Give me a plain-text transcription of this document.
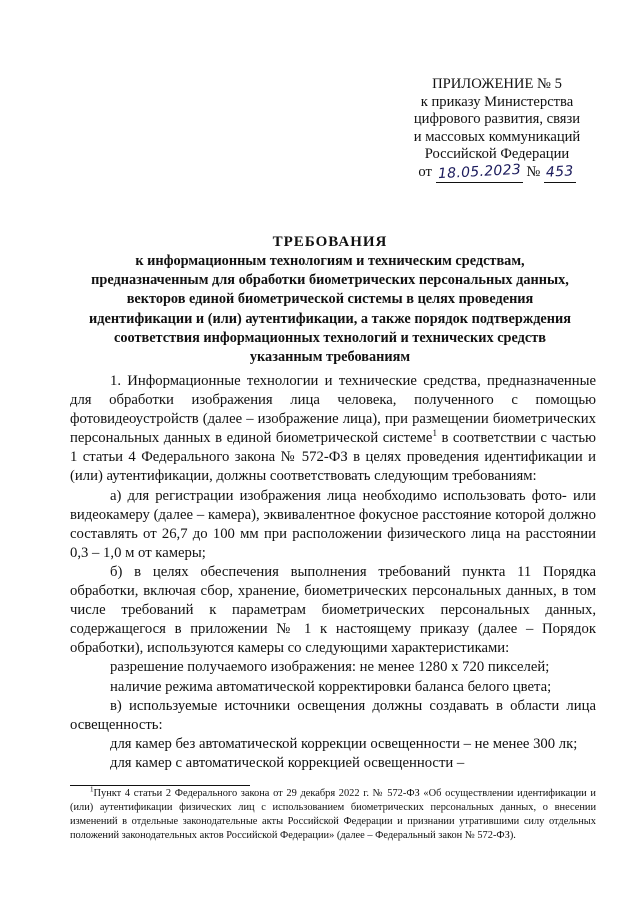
ПРИЛОЖЕНИЕ № 5
к приказу Министерства
цифрового развития, связи
и массовых коммуникаций
Российской Федерации
от 18.05.2023 № 453
ТРЕБОВАНИЯ
к информационным технологиям и техническим средствам,
предназначенным для обработки биометрических персональных данных,
векторов единой биометрической системы в целях проведения
идентификации и (или) аутентификации, а также порядок подтверждения
соответствия информационных технологий и технических средств
указанным требованиям

1. Информационные технологии и технические средства, предназначенные для обработки изображения лица человека, полученного с помощью фотовидеоустройств (далее – изображение лица), при размещении биометрических персональных данных в единой биометрической системе$^1$ в соответствии с частью 1 статьи 4 Федерального закона № 572-ФЗ в целях проведения идентификации и (или) аутентификации, должны соответствовать следующим требованиям:

а) для регистрации изображения лица необходимо использовать фото- или видеокамеру (далее – камера), эквивалентное фокусное расстояние которой должно составлять от 26,7 до 100 мм при расположении физического лица на расстоянии 0,3 – 1,0 м от камеры;

б) в целях обеспечения выполнения требований пункта 11 Порядка обработки, включая сбор, хранение, биометрических персональных данных, в том числе требований к параметрам биометрических персональных данных, содержащегося в приложении № 1 к настоящему приказу (далее – Порядок обработки), используются камеры со следующими характеристиками:

разрешение получаемого изображения: не менее 1280 x 720 пикселей;

наличие режима автоматической корректировки баланса белого цвета;

в) используемые источники освещения должны создавать в области лица освещенность:

для камер без автоматической коррекции освещенности – не менее 300 лк;

для камер с автоматической коррекцией освещенности –

$^1$Пункт 4 статьи 2 Федерального закона от 29 декабря 2022 г. № 572-ФЗ «Об осуществлении идентификации и (или) аутентификации физических лиц с использованием биометрических персональных данных, о внесении изменений в отдельные законодательные акты Российской Федерации и признании утратившими силу отдельных положений законодательных актов Российской Федерации» (далее – Федеральный закон № 572-ФЗ).
